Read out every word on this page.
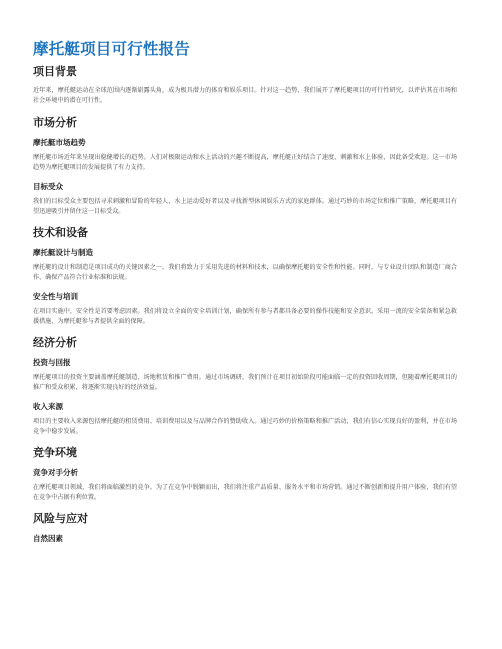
摩托艇项目可行性报告
项目背景

近年来，摩托艇运动在全球范围内逐渐崭露头角，成为极具潜力的体育和娱乐项目。针对这一趋势，我们展开了摩托艇项目的可行性研究，以评估其在市场和社会环境中的潜在可行性。

市场分析
摩托艇市场趋势

摩托艇市场近年来呈现出稳健增长的趋势。人们对极限运动和水上活动的兴趣不断提高，摩托艇正好结合了速度、刺激和水上体验，因此备受欢迎。这一市场趋势为摩托艇项目的发展提供了有力支持。

目标受众

我们的目标受众主要包括寻求刺激和冒险的年轻人、水上运动爱好者以及寻找新型休闲娱乐方式的家庭群体。通过巧妙的市场定位和推广策略，摩托艇项目有望迅速吸引并留住这一目标受众。

技术和设备
摩托艇设计与制造

摩托艇的设计和制造是项目成功的关键因素之一。我们将致力于采用先进的材料和技术，以确保摩托艇的安全性和性能。同时，与专业设计团队和制造厂商合作，确保产品符合行业标准和法规。

安全性与培训

在项目实施中，安全性是首要考虑因素。我们将设立全面的安全培训计划，确保所有参与者都具备必要的操作技能和安全意识。采用一流的安全装备和紧急救援措施，为摩托艇参与者提供全面的保障。

经济分析
投资与回报

摩托艇项目的投资主要涵盖摩托艇制造、场地租赁和推广费用。通过市场调研，我们预计在项目初始阶段可能面临一定的投资回收周期，但随着摩托艇项目的推广和受众积累，将逐渐实现良好的经济效益。

收入来源

项目的主要收入来源包括摩托艇的租赁费用、培训费用以及与品牌合作的赞助收入。通过巧妙的价格策略和推广活动，我们有信心实现良好的盈利，并在市场竞争中稳步发展。

竞争环境
竞争对手分析

在摩托艇项目领域，我们将面临激烈的竞争。为了在竞争中脱颖而出，我们将注重产品质量、服务水平和市场营销。通过不断创新和提升用户体验，我们有望在竞争中占据有利位置。

风险与应对
自然因素
